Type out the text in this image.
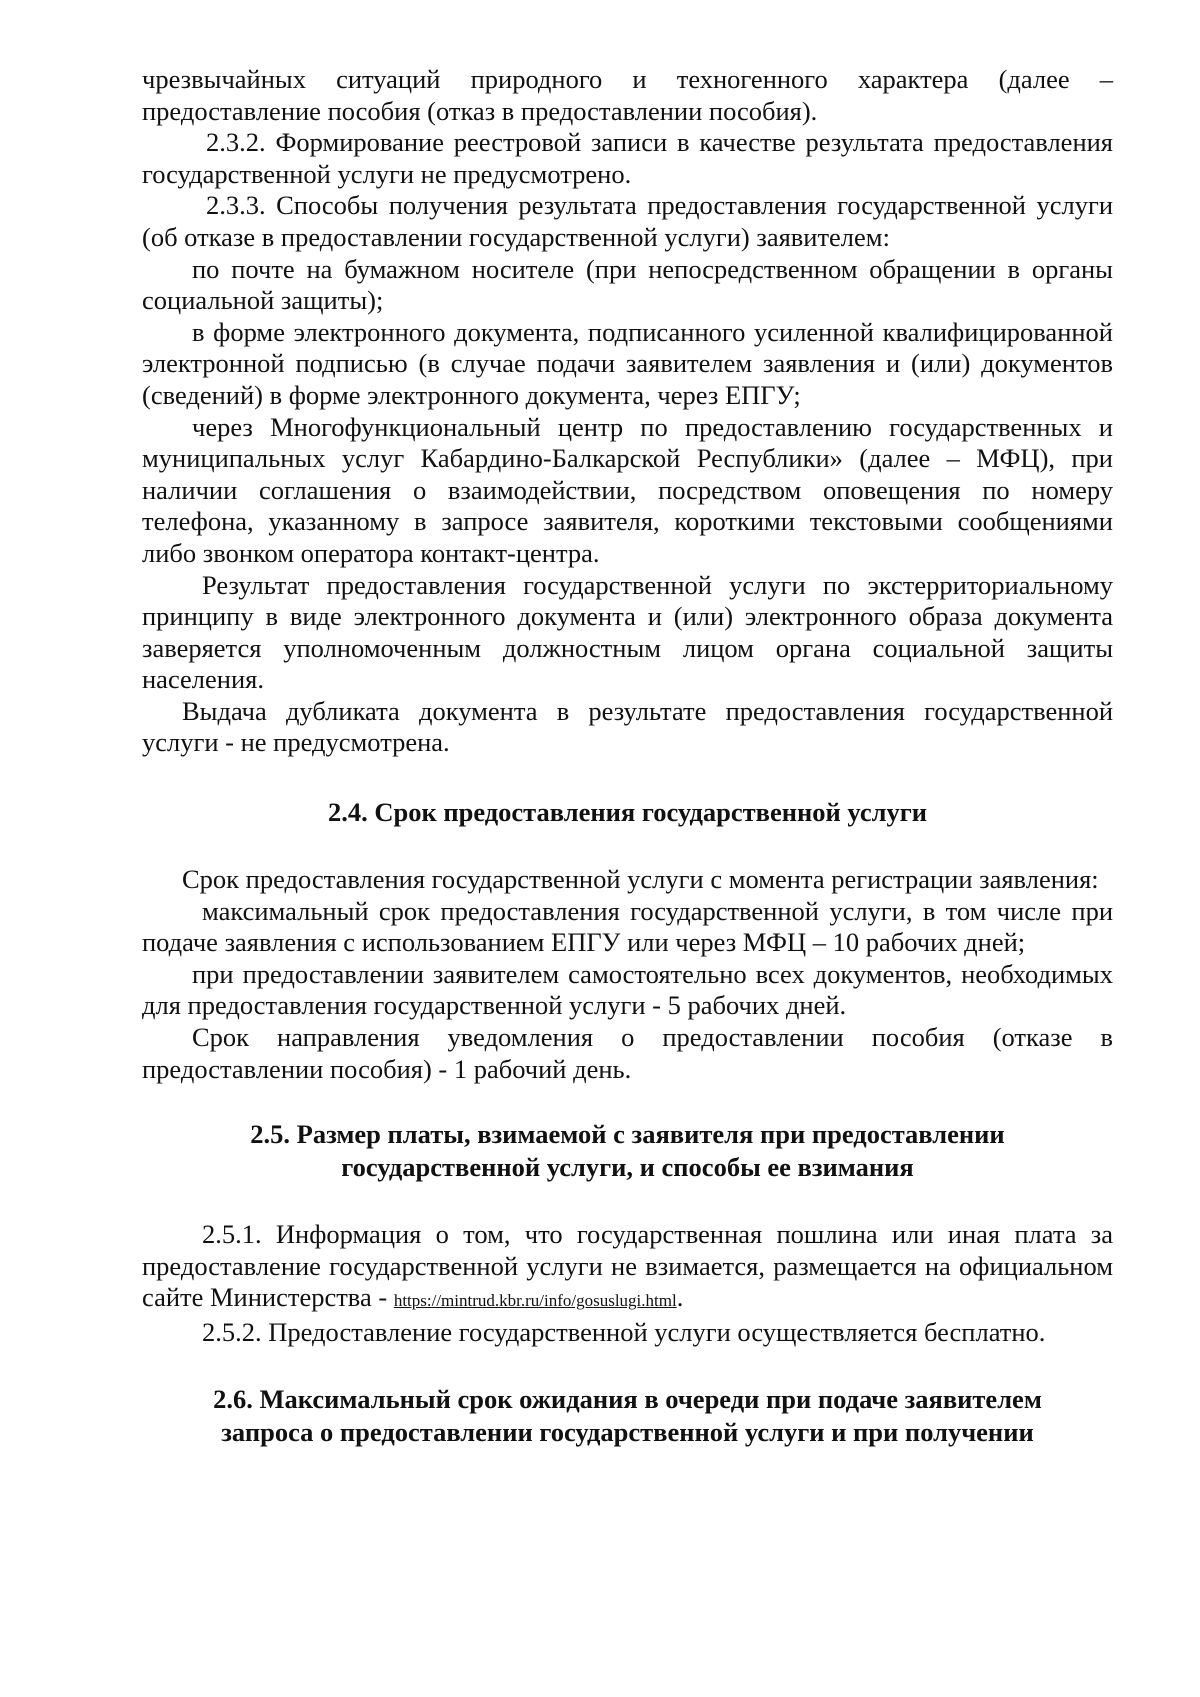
чрезвычайных ситуаций природного и техногенного характера (далее – предоставление пособия (отказ в предоставлении пособия).

2.3.2. Формирование реестровой записи в качестве результата предоставления государственной услуги не предусмотрено.

2.3.3. Способы получения результата предоставления государственной услуги (об отказе в предоставлении государственной услуги) заявителем:

по почте на бумажном носителе (при непосредственном обращении в органы социальной защиты);

в форме электронного документа, подписанного усиленной квалифицированной электронной подписью (в случае подачи заявителем заявления и (или) документов (сведений) в форме электронного документа, через ЕПГУ;

через Многофункциональный центр по предоставлению государственных и муниципальных услуг Кабардино-Балкарской Республики» (далее – МФЦ), при наличии соглашения о взаимодействии, посредством оповещения по номеру телефона, указанному в запросе заявителя, короткими текстовыми сообщениями либо звонком оператора контакт-центра.

Результат предоставления государственной услуги по экстерриториальному принципу в виде электронного документа и (или) электронного образа документа заверяется уполномоченным должностным лицом органа социальной защиты населения.

Выдача дубликата документа в результате предоставления государственной услуги - не предусмотрена.

2.4. Срок предоставления государственной услуги

Срок предоставления государственной услуги с момента регистрации заявления:

максимальный срок предоставления государственной услуги, в том числе при подаче заявления с использованием ЕПГУ или через МФЦ – 10 рабочих дней;

при предоставлении заявителем самостоятельно всех документов, необходимых для предоставления государственной услуги - 5 рабочих дней.

Срок направления уведомления о предоставлении пособия (отказе в предоставлении пособия) - 1 рабочий день.

2.5. Размер платы, взимаемой с заявителя при предоставлении

государственной услуги, и способы ее взимания

2.5.1. Информация о том, что государственная пошлина или иная плата за предоставление государственной услуги не взимается, размещается на официальном сайте Министерства - https://mintrud.kbr.ru/info/gosuslugi.html.

2.5.2. Предоставление государственной услуги осуществляется бесплатно.

2.6. Максимальный срок ожидания в очереди при подаче заявителем

запроса о предоставлении государственной услуги и при получении
